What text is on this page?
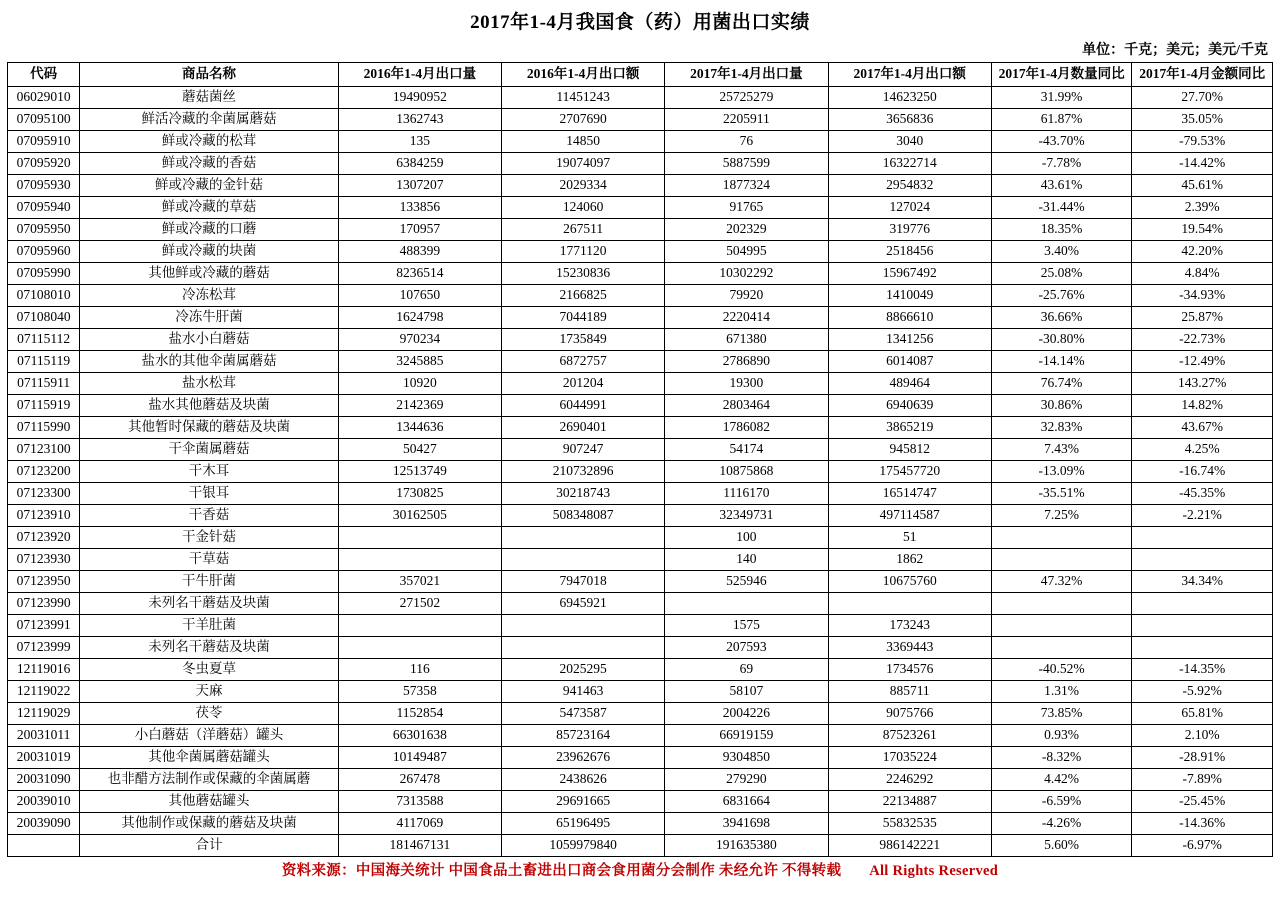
2017年1-4月我国食（药）用菌出口实绩
单位：千克；美元；美元/千克
代码	商品名称	2016年1-4月出口量	2016年1-4月出口额	2017年1-4月出口量	2017年1-4月出口额	2017年1-4月数量同比	2017年1-4月金额同比
06029010	蘑菇菌丝	19490952	11451243	25725279	14623250	31.99%	27.70%
07095100	鲜活冷藏的伞菌属蘑菇	1362743	2707690	2205911	3656836	61.87%	35.05%
07095910	鲜或冷藏的松茸	135	14850	76	3040	-43.70%	-79.53%
07095920	鲜或冷藏的香菇	6384259	19074097	5887599	16322714	-7.78%	-14.42%
07095930	鲜或冷藏的金针菇	1307207	2029334	1877324	2954832	43.61%	45.61%
07095940	鲜或冷藏的草菇	133856	124060	91765	127024	-31.44%	2.39%
07095950	鲜或冷藏的口蘑	170957	267511	202329	319776	18.35%	19.54%
07095960	鲜或冷藏的块菌	488399	1771120	504995	2518456	3.40%	42.20%
07095990	其他鲜或冷藏的蘑菇	8236514	15230836	10302292	15967492	25.08%	4.84%
07108010	冷冻松茸	107650	2166825	79920	1410049	-25.76%	-34.93%
07108040	冷冻牛肝菌	1624798	7044189	2220414	8866610	36.66%	25.87%
07115112	盐水小白蘑菇	970234	1735849	671380	1341256	-30.80%	-22.73%
07115119	盐水的其他伞菌属蘑菇	3245885	6872757	2786890	6014087	-14.14%	-12.49%
07115911	盐水松茸	10920	201204	19300	489464	76.74%	143.27%
07115919	盐水其他蘑菇及块菌	2142369	6044991	2803464	6940639	30.86%	14.82%
07115990	其他暂时保藏的蘑菇及块菌	1344636	2690401	1786082	3865219	32.83%	43.67%
07123100	干伞菌属蘑菇	50427	907247	54174	945812	7.43%	4.25%
07123200	干木耳	12513749	210732896	10875868	175457720	-13.09%	-16.74%
07123300	干银耳	1730825	30218743	1116170	16514747	-35.51%	-45.35%
07123910	干香菇	30162505	508348087	32349731	497114587	7.25%	-2.21%
07123920	干金针菇			100	51		
07123930	干草菇			140	1862		
07123950	干牛肝菌	357021	7947018	525946	10675760	47.32%	34.34%
07123990	未列名干蘑菇及块菌	271502	6945921				
07123991	干羊肚菌			1575	173243		
07123999	未列名干蘑菇及块菌			207593	3369443		
12119016	冬虫夏草	116	2025295	69	1734576	-40.52%	-14.35%
12119022	天麻	57358	941463	58107	885711	1.31%	-5.92%
12119029	茯苓	1152854	5473587	2004226	9075766	73.85%	65.81%
20031011	小白蘑菇（洋蘑菇）罐头	66301638	85723164	66919159	87523261	0.93%	2.10%
20031019	其他伞菌属蘑菇罐头	10149487	23962676	9304850	17035224	-8.32%	-28.91%
20031090	也非醋方法制作或保藏的伞菌属蘑	267478	2438626	279290	2246292	4.42%	-7.89%
20039010	其他蘑菇罐头	7313588	29691665	6831664	22134887	-6.59%	-25.45%
20039090	其他制作或保藏的蘑菇及块菌	4117069	65196495	3941698	55832535	-4.26%	-14.36%
	合计	181467131	1059979840	191635380	986142221	5.60%	-6.97%
资料来源：中国海关统计 中国食品土畜进出口商会食用菌分会制作 未经允许 不得转载 All Rights Reserved
